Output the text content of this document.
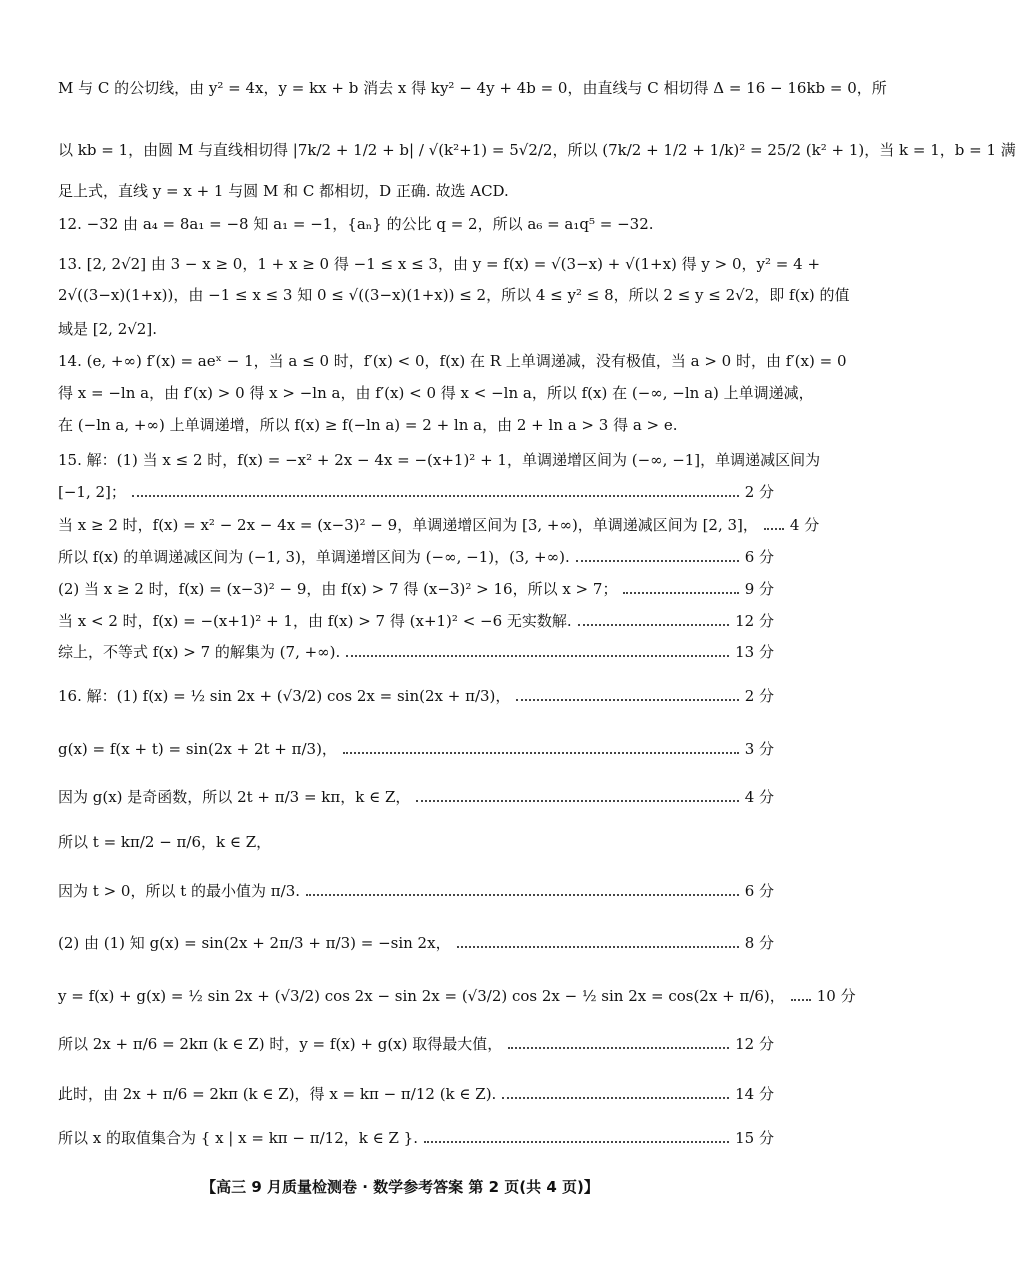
M 与 C 的公切线，由 y² = 4x，y = kx + b 消去 x 得 ky² − 4y + 4b = 0，由直线与 C 相切得 Δ = 16 − 16kb = 0，所
以 kb = 1，由圆 M 与直线相切得 |7k/2 + 1/2 + b| / √(k²+1) = 5√2/2，所以 (7k/2 + 1/2 + 1/k)² = 25/2 (k² + 1)，当 k = 1，b = 1 满
足上式，直线 y = x + 1 与圆 M 和 C 都相切，D 正确. 故选 ACD.
12. −32 由 a₄ = 8a₁ = −8 知 a₁ = −1，{aₙ} 的公比 q = 2，所以 a₆ = a₁q⁵ = −32.
13. [2, 2√2] 由 3 − x ≥ 0，1 + x ≥ 0 得 −1 ≤ x ≤ 3，由 y = f(x) = √(3−x) + √(1+x) 得 y > 0，y² = 4 +
2√((3−x)(1+x))，由 −1 ≤ x ≤ 3 知 0 ≤ √((3−x)(1+x)) ≤ 2，所以 4 ≤ y² ≤ 8，所以 2 ≤ y ≤ 2√2，即 f(x) 的值
域是 [2, 2√2].
14. (e, +∞) f′(x) = aeˣ − 1，当 a ≤ 0 时，f′(x) < 0，f(x) 在 R 上单调递减，没有极值，当 a > 0 时，由 f′(x) = 0
得 x = −ln a，由 f′(x) > 0 得 x > −ln a，由 f′(x) < 0 得 x < −ln a，所以 f(x) 在 (−∞, −ln a) 上单调递减，
在 (−ln a, +∞) 上单调递增，所以 f(x) ≥ f(−ln a) = 2 + ln a，由 2 + ln a > 3 得 a > e.
15. 解：(1) 当 x ≤ 2 时，f(x) = −x² + 2x − 4x = −(x+1)² + 1，单调递增区间为 (−∞, −1]，单调递减区间为
[−1, 2]；	2 分
当 x ≥ 2 时，f(x) = x² − 2x − 4x = (x−3)² − 9，单调递增区间为 [3, +∞)，单调递减区间为 [2, 3]， 4 分
所以 f(x) 的单调递减区间为 (−1, 3)，单调递增区间为 (−∞, −1)，(3, +∞).	6 分
(2) 当 x ≥ 2 时，f(x) = (x−3)² − 9，由 f(x) > 7 得 (x−3)² > 16，所以 x > 7；	9 分
当 x < 2 时，f(x) = −(x+1)² + 1，由 f(x) > 7 得 (x+1)² < −6 无实数解.	12 分
综上，不等式 f(x) > 7 的解集为 (7, +∞).	13 分
16. 解：(1) f(x) = ½ sin 2x + (√3/2) cos 2x = sin(2x + π/3)，	2 分
g(x) = f(x + t) = sin(2x + 2t + π/3)，	3 分
因为 g(x) 是奇函数，所以 2t + π/3 = kπ，k ∈ Z，	4 分
所以 t = kπ/2 − π/6，k ∈ Z，
因为 t > 0，所以 t 的最小值为 π/3.	6 分
(2) 由 (1) 知 g(x) = sin(2x + 2π/3 + π/3) = −sin 2x，	8 分
y = f(x) + g(x) = ½ sin 2x + (√3/2) cos 2x − sin 2x = (√3/2) cos 2x − ½ sin 2x = cos(2x + π/6)， 10 分
所以 2x + π/6 = 2kπ (k ∈ Z) 时，y = f(x) + g(x) 取得最大值，	12 分
此时，由 2x + π/6 = 2kπ (k ∈ Z)，得 x = kπ − π/12 (k ∈ Z).	14 分
所以 x 的取值集合为 { x | x = kπ − π/12，k ∈ Z }.	15 分
【高三 9 月质量检测卷 · 数学参考答案 第 2 页(共 4 页)】
